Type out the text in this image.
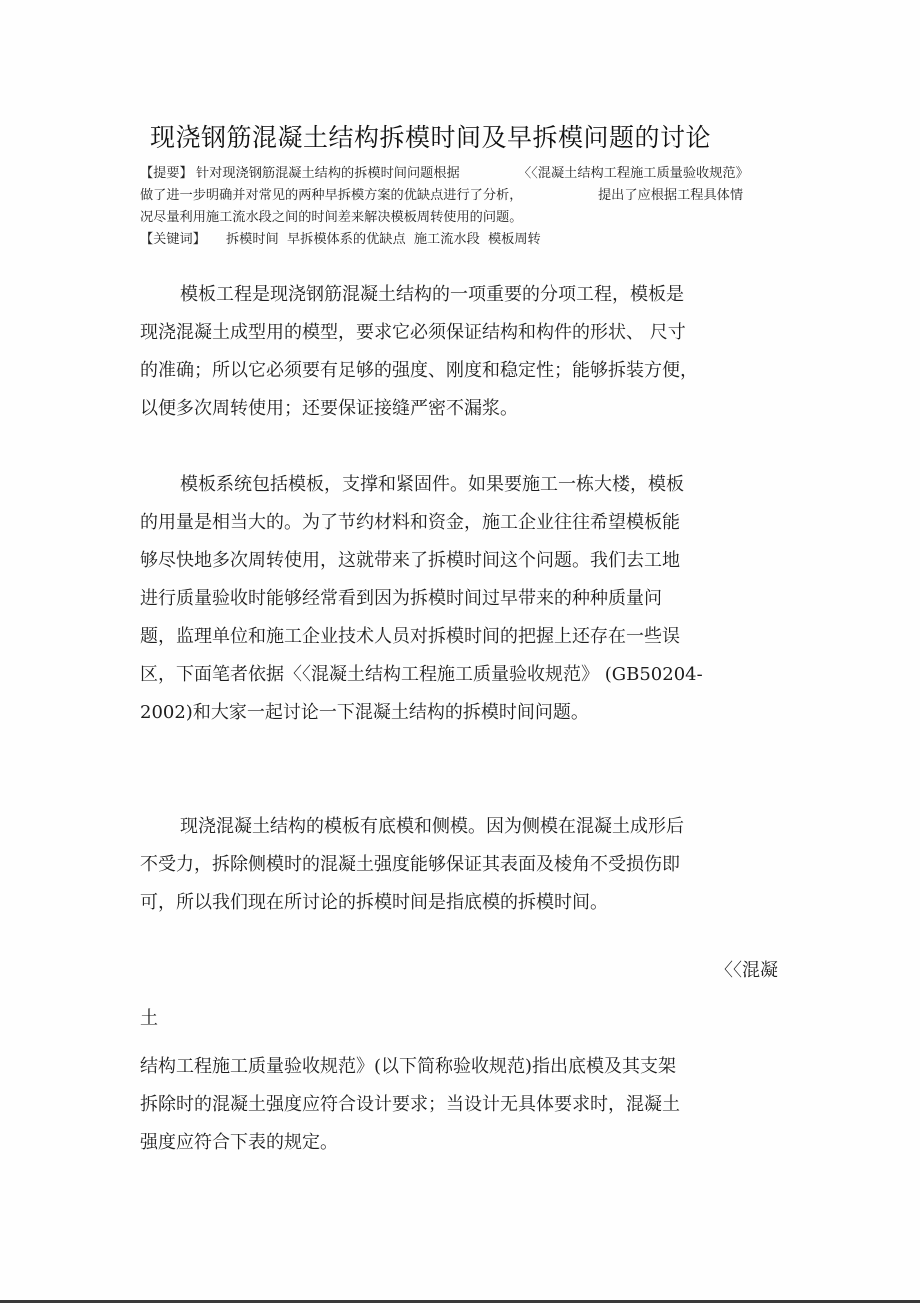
现浇钢筋混凝土结构拆模时间及早拆模问题的讨论
【提要】 针对现浇钢筋混凝土结构的拆模时间问题根据	〈〈混凝土结构工程施工质量验收规范》
做了进一步明确并对常见的两种早拆模方案的优缺点进行了分析，	提出了应根据工程具体情
况尽量利用施工流水段之间的时间差来解决模板周转使用的问题。
【关键词】 拆模时间 早拆模体系的优缺点 施工流水段 模板周转
模板工程是现浇钢筋混凝土结构的一项重要的分项工程，模板是
现浇混凝土成型用的模型，要求它必须保证结构和构件的形状、 尺寸
的准确；所以它必须要有足够的强度、刚度和稳定性；能够拆装方便，
以便多次周转使用；还要保证接缝严密不漏浆。
模板系统包括模板，支撑和紧固件。如果要施工一栋大楼，模板
的用量是相当大的。为了节约材料和资金，施工企业往往希望模板能
够尽快地多次周转使用，这就带来了拆模时间这个问题。我们去工地
进行质量验收时能够经常看到因为拆模时间过早带来的种种质量问
题，监理单位和施工企业技术人员对拆模时间的把握上还存在一些误
区，下面笔者依据〈〈混凝土结构工程施工质量验收规范》 (GB50204-
2002)和大家一起讨论一下混凝土结构的拆模时间问题。
现浇混凝土结构的模板有底模和侧模。因为侧模在混凝土成形后
不受力，拆除侧模时的混凝土强度能够保证其表面及棱角不受损伤即
可，所以我们现在所讨论的拆模时间是指底模的拆模时间。
〈〈混凝
土
结构工程施工质量验收规范》(以下简称验收规范)指出底模及其支架
拆除时的混凝土强度应符合设计要求；当设计无具体要求时，混凝土
强度应符合下表的规定。
